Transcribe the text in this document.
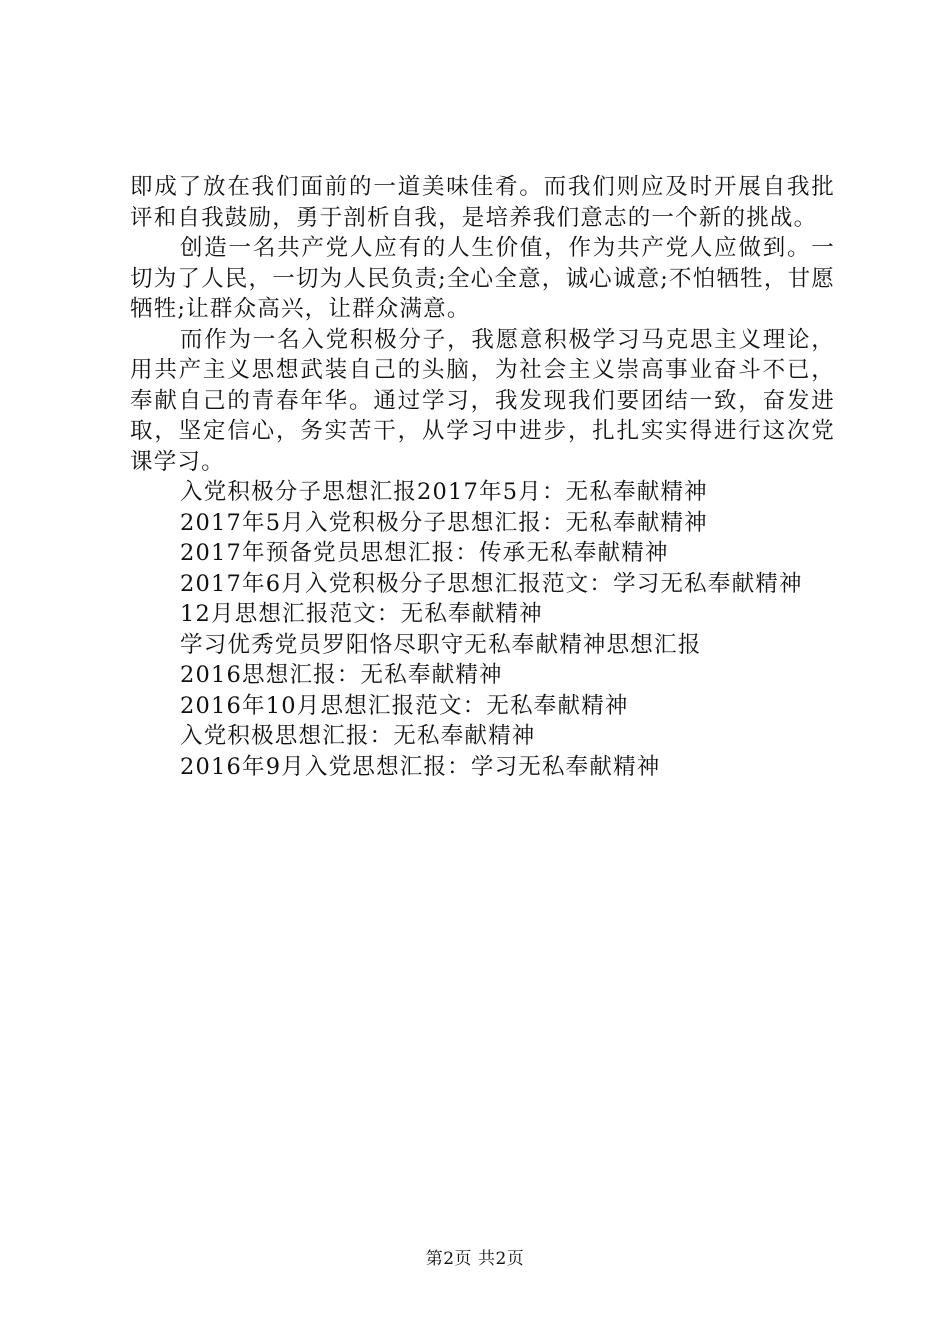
即成了放在我们面前的一道美味佳肴。而我们则应及时开展自我批评和自我鼓励，勇于剖析自我，是培养我们意志的一个新的挑战。

创造一名共产党人应有的人生价值，作为共产党人应做到。一切为了人民，一切为人民负责;全心全意，诚心诚意;不怕牺牲，甘愿牺牲;让群众高兴，让群众满意。

而作为一名入党积极分子，我愿意积极学习马克思主义理论，用共产主义思想武装自己的头脑，为社会主义崇高事业奋斗不已，奉献自己的青春年华。通过学习，我发现我们要团结一致，奋发进取，坚定信心，务实苦干，从学习中进步，扎扎实实得进行这次党课学习。

入党积极分子思想汇报2017年5月：无私奉献精神
2017年5月入党积极分子思想汇报：无私奉献精神
2017年预备党员思想汇报：传承无私奉献精神
2017年6月入党积极分子思想汇报范文：学习无私奉献精神
12月思想汇报范文：无私奉献精神
学习优秀党员罗阳恪尽职守无私奉献精神思想汇报
2016思想汇报：无私奉献精神
2016年10月思想汇报范文：无私奉献精神
入党积极思想汇报：无私奉献精神
2016年9月入党思想汇报：学习无私奉献精神
第2页 共2页
